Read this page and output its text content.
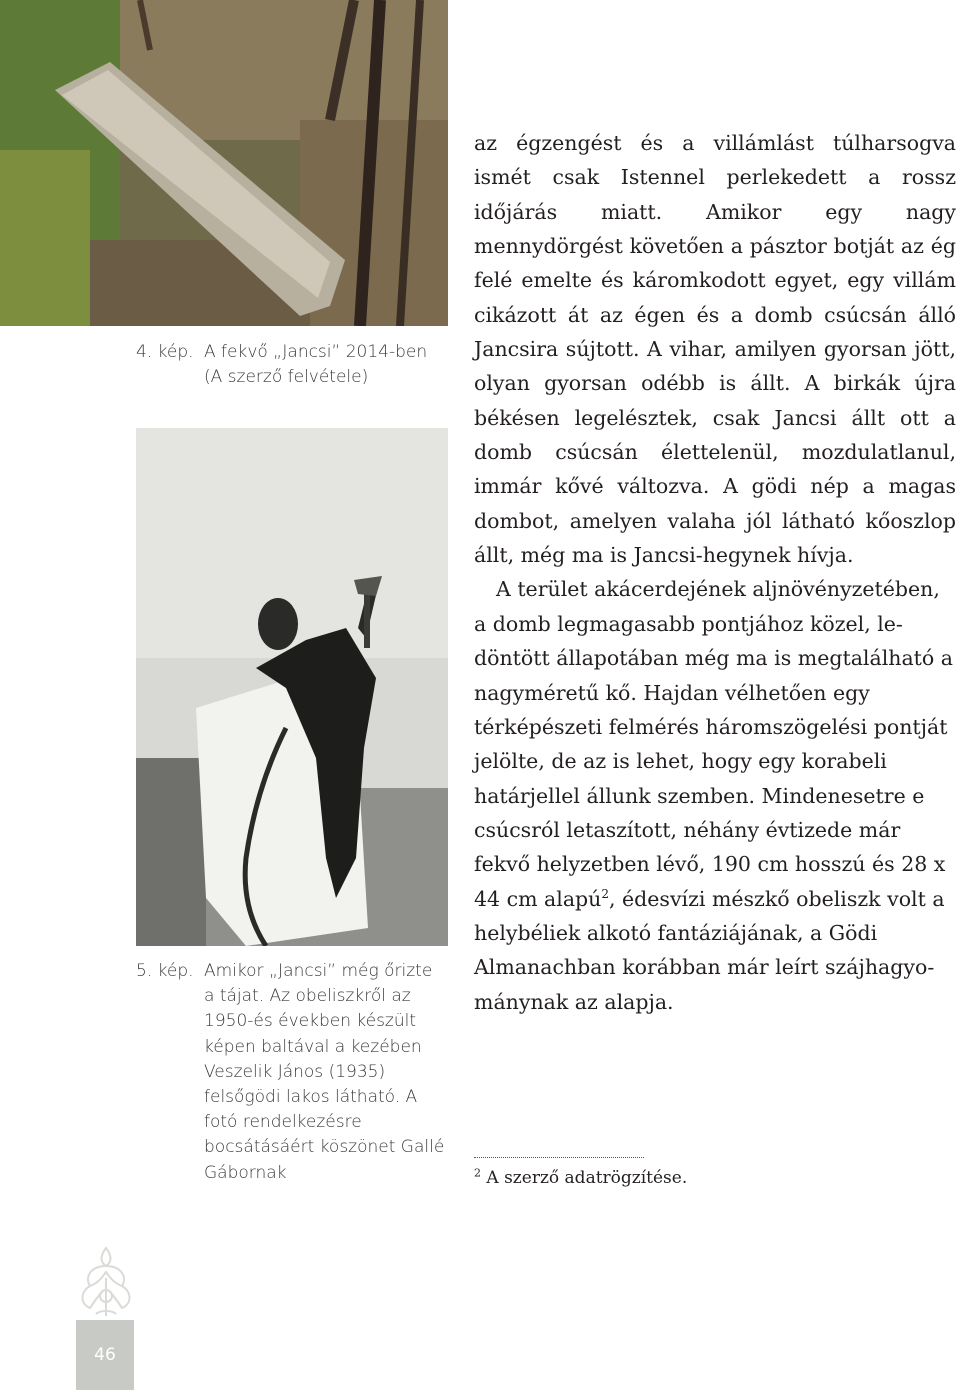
4. kép. A fekvő „Jancsi” 2014-ben (A szerző felvétele)
5. kép. Amikor „Jancsi” még őrizte a tájat. Az obeliszkről az 1950-és években készült képen baltával a kezében Veszelik János (1935) felsőgödi lakos látható. A fotó rendelkezésre bocsátásáért köszönet Gallé Gábornak

az égzengést és a villámlást túlharsogva ismét csak Istennel perlekedett a rossz időjárás miatt. Amikor egy nagy mennydörgést követően a pásztor botját az ég felé emelte és káromkodott egyet, egy villám cikázott át az égen és a domb csúcsán álló Jancsira sújtott. A vihar, amilyen gyorsan jött, olyan gyorsan odébb is állt. A birkák újra békésen legelésztek, csak Jancsi állt ott a domb csúcsán élettelenül, mozdulatlanul, immár kővé változva. A gödi nép a magas dombot, amelyen valaha jól látható kőoszlop állt, még ma is Jancsi-hegynek hívja.

A terület akácerdejének aljnövényzetében, a domb legmagasabb pontjához közel, ledöntött állapotában még ma is megtalálható a nagyméretű kő. Hajdan vélhetően egy térképészeti felmérés háromszögelési pontját jelölte, de az is lehet, hogy egy korabeli határjellel állunk szemben. Mindenesetre e csúcsról letaszított, néhány évtizede már fekvő helyzetben lévő, 190 cm hosszú és 28 x 44 cm alapú$^2$, édesvízi mészkő obeliszk volt a helybéliek alkotó fantáziájának, a Gödi Almanachban korábban már leírt szájhagyománynak az alapja.

$^2$ A szerző adatrögzítése.
46
